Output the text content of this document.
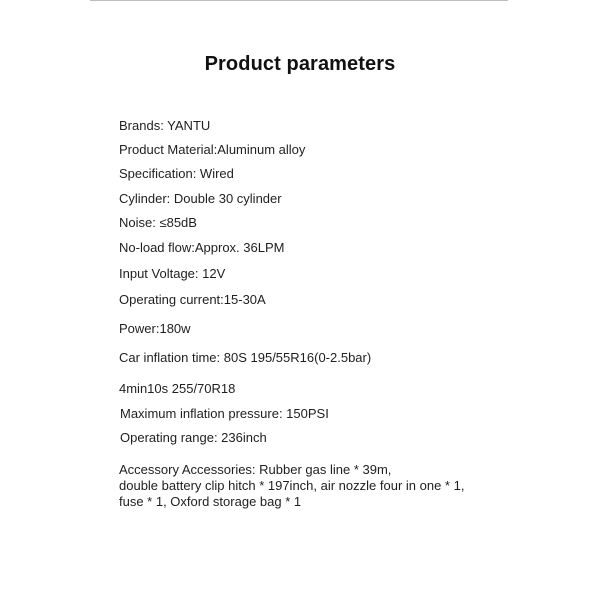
Product parameters
Brands: YANTU
Product Material:Aluminum alloy
Specification: Wired
Cylinder: Double 30 cylinder
Noise: ≤85dB
No-load flow:Approx. 36LPM
Input Voltage: 12V
Operating current:15-30A
Power:180w
Car inflation time: 80S 195/55R16(0-2.5bar)
4min10s 255/70R18
Maximum inflation pressure: 150PSI
Operating range: 236inch
Accessory Accessories: Rubber gas line * 39m,
double battery clip hitch * 197inch, air nozzle four in one * 1,
fuse * 1, Oxford storage bag * 1
